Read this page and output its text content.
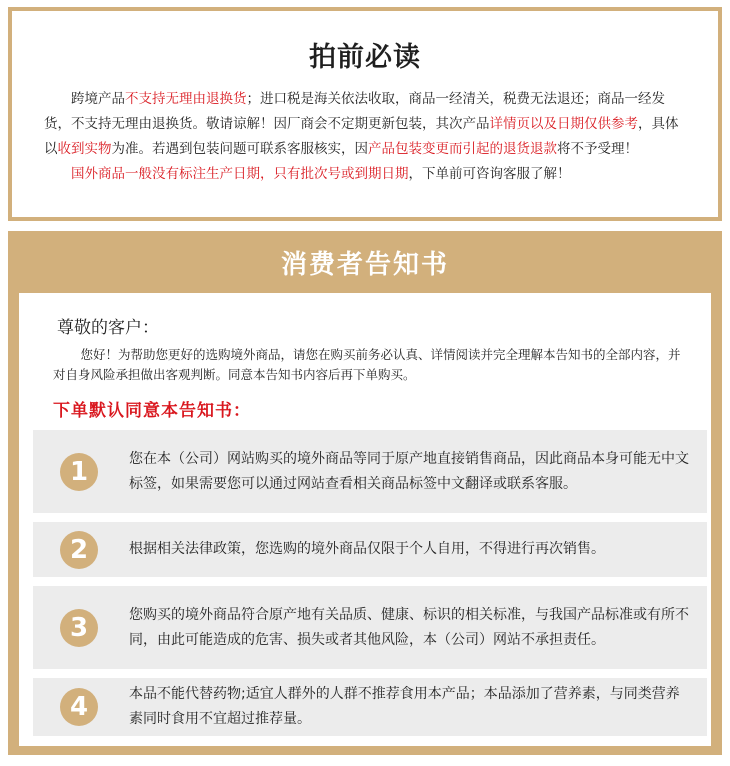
拍前必读

跨境产品不支持无理由退换货；进口税是海关依法收取，商品一经清关，税费无法退还；商品一经发货，不支持无理由退换货。敬请谅解！因厂商会不定期更新包装，其次产品详情页以及日期仅供参考，具体以收到实物为准。若遇到包装问题可联系客服核实，因产品包装变更而引起的退货退款将不予受理！

国外商品一般没有标注生产日期，只有批次号或到期日期，下单前可咨询客服了解！

消费者告知书
尊敬的客户：

您好！为帮助您更好的选购境外商品，请您在购买前务必认真、详情阅读并完全理解本告知书的全部内容，并对自身风险承担做出客观判断。同意本告知书内容后再下单购买。

下单默认同意本告知书：
1	您在本（公司）网站购买的境外商品等同于原产地直接销售商品，因此商品本身可能无中文标签，如果需要您可以通过网站查看相关商品标签中文翻译或联系客服。
2	根据相关法律政策，您选购的境外商品仅限于个人自用，不得进行再次销售。
3	您购买的境外商品符合原产地有关品质、健康、标识的相关标准，与我国产品标准或有所不同，由此可能造成的危害、损失或者其他风险，本（公司）网站不承担责任。
4	本品不能代替药物;适宜人群外的人群不推荐食用本产品；本品添加了营养素，与同类营养素同时食用不宜超过推荐量。
